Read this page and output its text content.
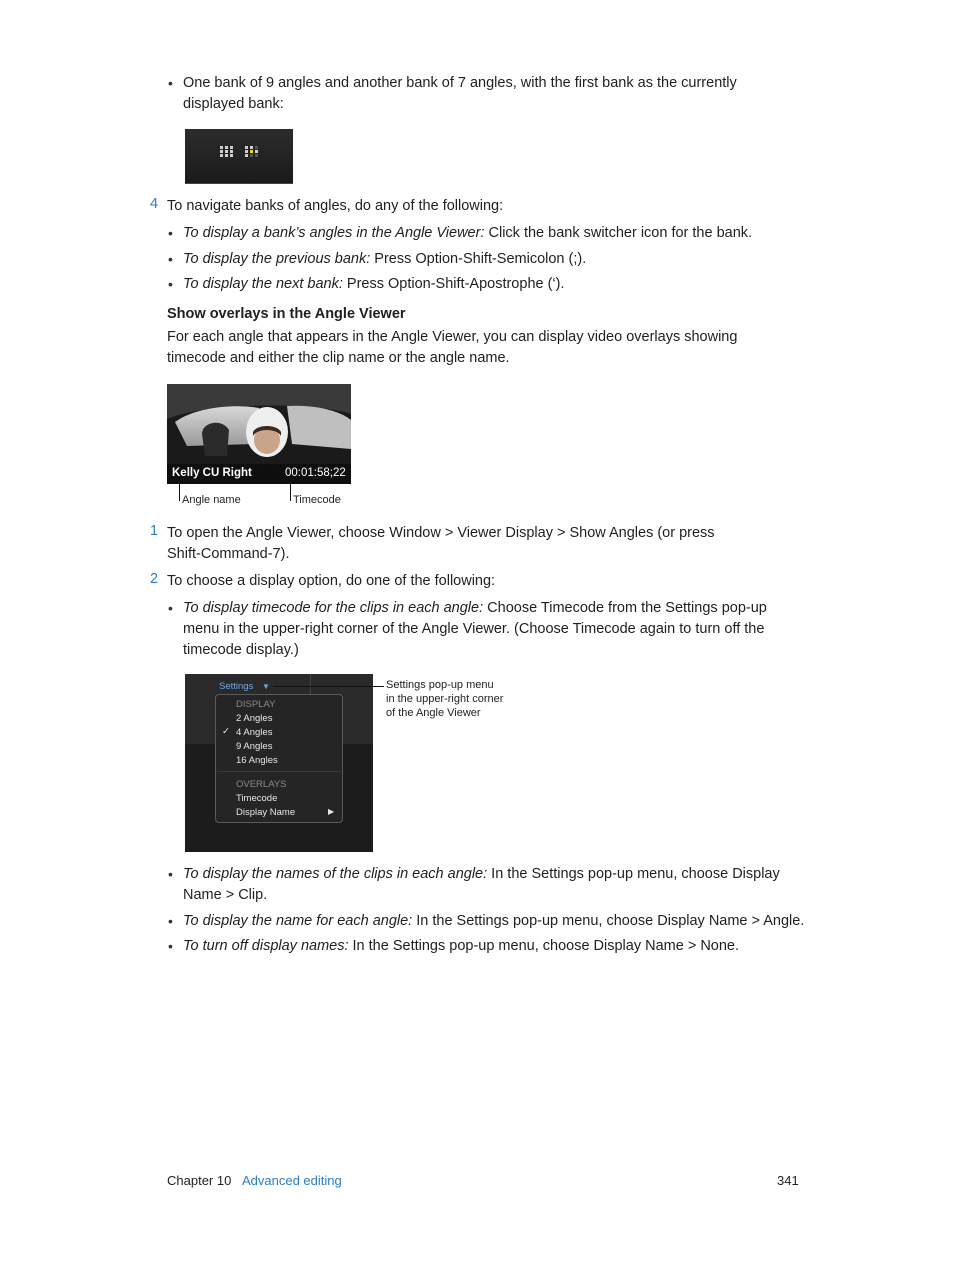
• One bank of 9 angles and another bank of 7 angles, with the first bank as the currently displayed bank:
4 To navigate banks of angles, do any of the following:
• To display a bank’s angles in the Angle Viewer: Click the bank switcher icon for the bank.
• To display the previous bank: Press Option-Shift-Semicolon (;).
• To display the next bank: Press Option-Shift-Apostrophe (‘).
Show overlays in the Angle Viewer
For each angle that appears in the Angle Viewer, you can display video overlays showing
timecode and either the clip name or the angle name.
Kelly CU Right	00:01:58;22
Angle name	Timecode
1 To open the Angle Viewer, choose Window > Viewer Display > Show Angles (or press
Shift-Command-7).
2 To choose a display option, do one of the following:
• To display timecode for the clips in each angle: Choose Timecode from the Settings pop-up
menu in the upper-right corner of the Angle Viewer. (Choose Timecode again to turn off the
timecode display.)
Settings ▼
DISPLAY
2 Angles
✓ 4 Angles
9 Angles
16 Angles
OVERLAYS
Timecode
Display Name	▶
Settings pop-up menu
in the upper-right corner
of the Angle Viewer
• To display the names of the clips in each angle: In the Settings pop-up menu, choose Display
Name > Clip.
• To display the name for each angle: In the Settings pop-up menu, choose Display Name > Angle.
• To turn off display names: In the Settings pop-up menu, choose Display Name > None.
Chapter 10 Advanced editing	341
